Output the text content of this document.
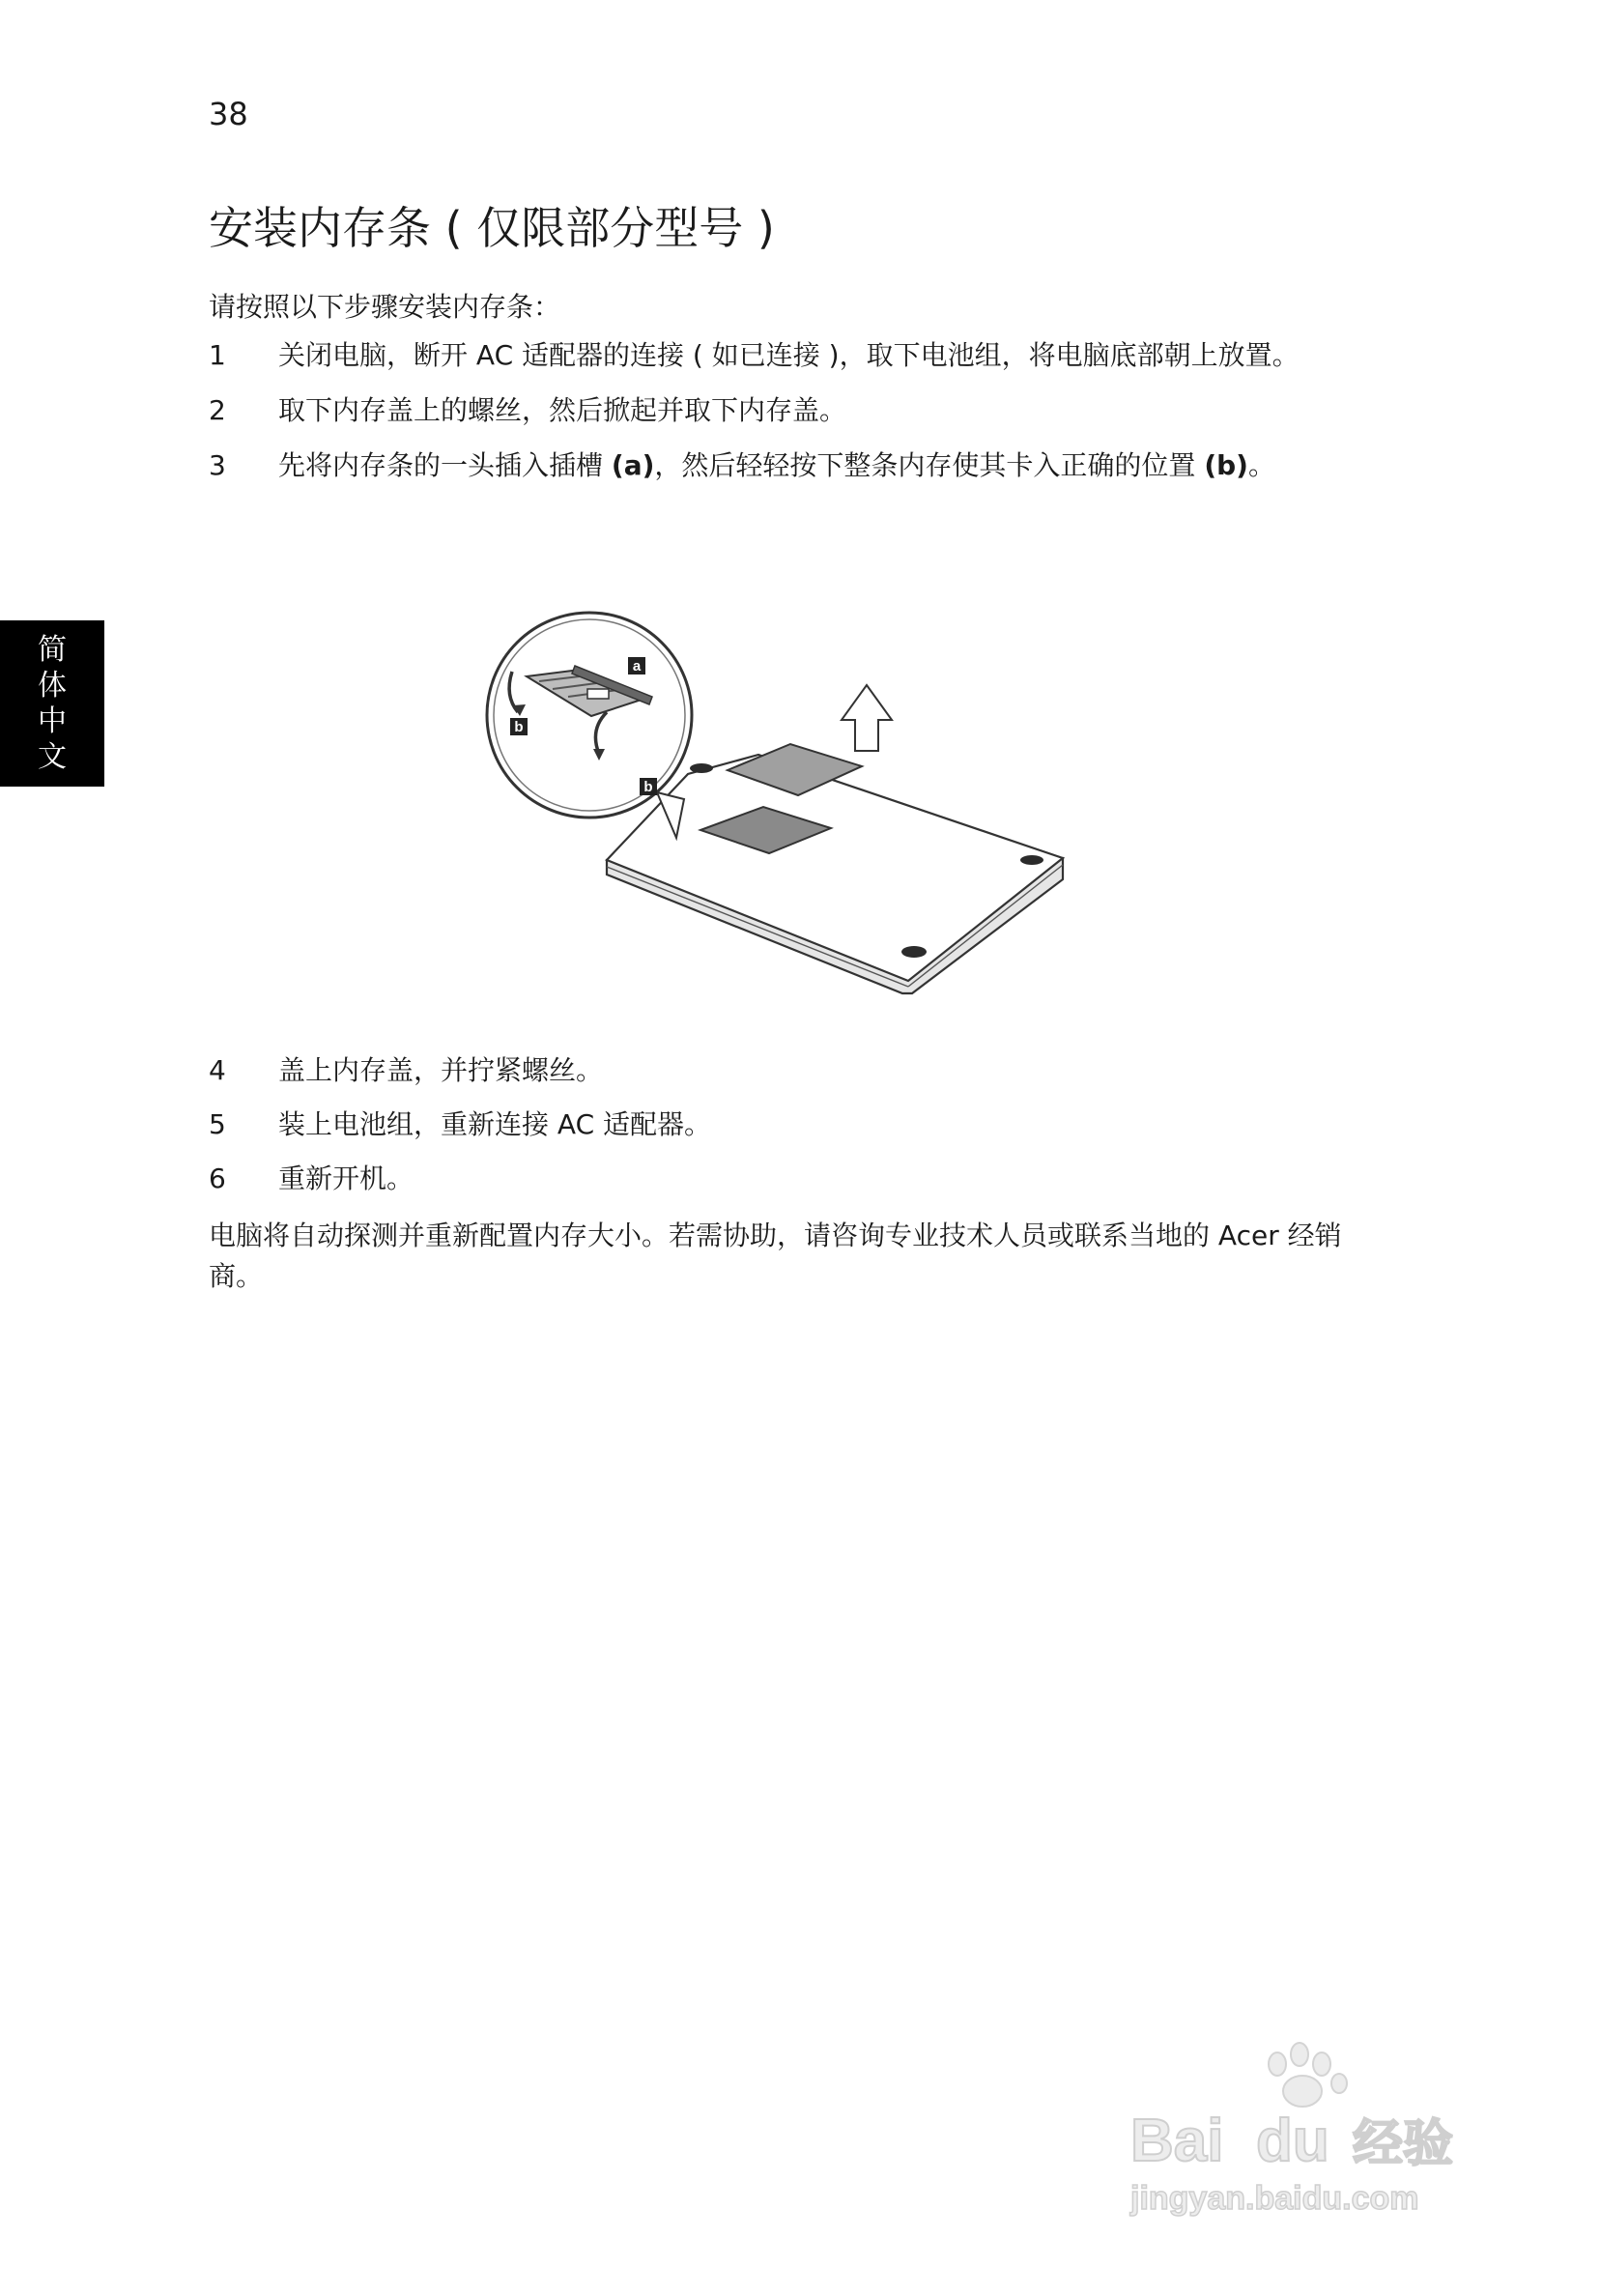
38
安装内存条 ( 仅限部分型号 )
简
体
中
文
请按照以下步骤安装内存条：
1 关闭电脑，断开 AC 适配器的连接 ( 如已连接 )，取下电池组，将电脑底部朝上放置。
2 取下内存盖上的螺丝，然后掀起并取下内存盖。
3 先将内存条的一头插入插槽 (a)，然后轻轻按下整条内存使其卡入正确的位置 (b)。
a
b
b
4 盖上内存盖，并拧紧螺丝。
5 装上电池组，重新连接 AC 适配器。
6 重新开机。
电脑将自动探测并重新配置内存大小。若需协助，请咨询专业技术人员或联系当地的 Acer 经销商。
Bai du 经验
jingyan.baidu.com
